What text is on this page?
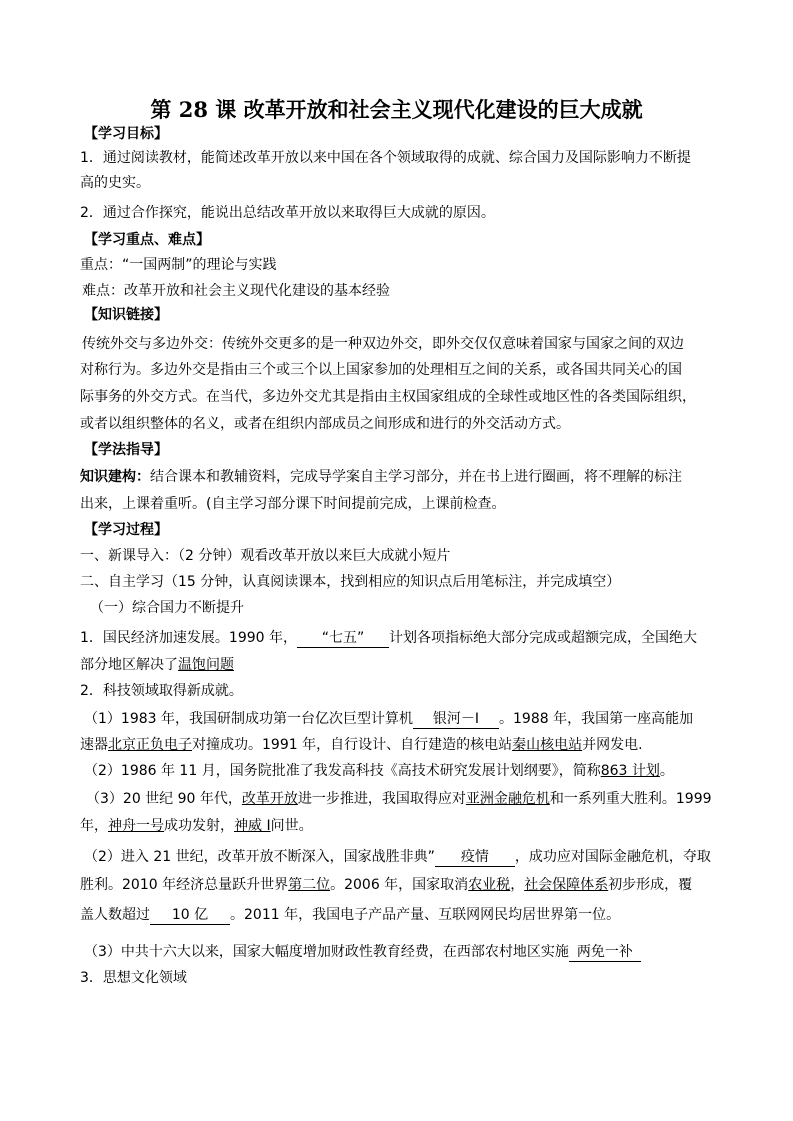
第 28 课 改革开放和社会主义现代化建设的巨大成就
【学习目标】
1．通过阅读教材，能简述改革开放以来中国在各个领域取得的成就、综合国力及国际影响力不断提
高的史实。
2．通过合作探究，能说出总结改革开放以来取得巨大成就的原因。
【学习重点、难点】
重点：“一国两制”的理论与实践
难点：改革开放和社会主义现代化建设的基本经验
【知识链接】
传统外交与多边外交：传统外交更多的是一种双边外交，即外交仅仅意味着国家与国家之间的双边
对称行为。多边外交是指由三个或三个以上国家参加的处理相互之间的关系，或各国共同关心的国
际事务的外交方式。在当代，多边外交尤其是指由主权国家组成的全球性或地区性的各类国际组织，
或者以组织整体的名义，或者在组织内部成员之间形成和进行的外交活动方式。
【学法指导】
知识建构：结合课本和教辅资料，完成导学案自主学习部分，并在书上进行圈画，将不理解的标注
出来，上课着重听。(自主学习部分课下时间提前完成，上课前检查。
【学习过程】
一、新课导入：（2 分钟）观看改革开放以来巨大成就小短片
二、自主学习（15 分钟，认真阅读课本，找到相应的知识点后用笔标注，并完成填空）
（一）综合国力不断提升
1．国民经济加速发展。1990 年， “七五” 计划各项指标绝大部分完成或超额完成，全国绝大
部分地区解决了温饱问题
2．科技领域取得新成就。
（1）1983 年，我国研制成功第一台亿次巨型计算机 银河－Ⅰ 。1988 年，我国第一座高能加
速器北京正负电子对撞成功。1991 年，自行设计、自行建造的核电站秦山核电站并网发电.
（2）1986 年 11 月，国务院批准了我发高科技《高技术研究发展计划纲要》，简称863 计划。
（3）20 世纪 90 年代，改革开放进一步推进，我国取得应对亚洲金融危机和一系列重大胜利。1999
年，神舟一号成功发射，神威 Ⅰ问世。
（2）进入 21 世纪，改革开放不断深入，国家战胜非典” 疫情 ，成功应对国际金融危机，夺取
胜利。2010 年经济总量跃升世界第二位。2006 年，国家取消农业税，社会保障体系初步形成，覆
盖人数超过 10 亿 。2011 年，我国电子产品产量、互联网网民均居世界第一位。
（3）中共十六大以来，国家大幅度增加财政性教育经费，在西部农村地区实施 两免一补
3．思想文化领域
